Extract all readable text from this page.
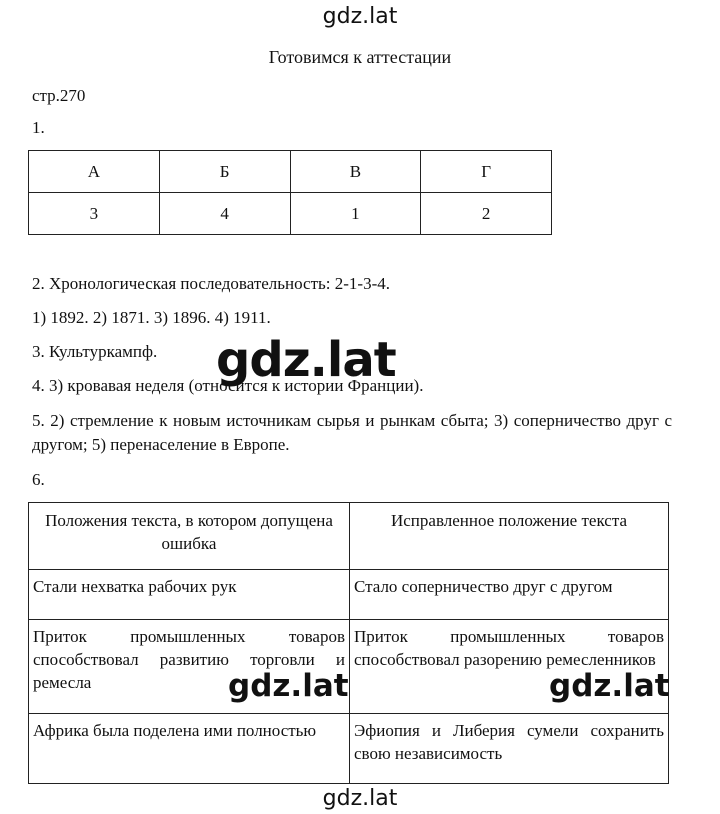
gdz.lat
Готовимся к аттестации
стр.270
1.
А	Б	В	Г
3	4	1	2
2. Хронологическая последовательность: 2-1-3-4.
1) 1892. 2) 1871. 3) 1896. 4) 1911.
3. Культуркампф.
4. 3) кровавая неделя (относится к истории Франции).
5. 2) стремление к новым источникам сырья и рынкам сбыта; 3) соперничество друг с другом; 5) перенаселение в Европе.
6.
Положения текста, в котором допущена ошибка	Исправленное положение текста
Стали нехватка рабочих рук	Стало соперничество друг с другом
Приток промышленных товаров способствовал развитию торговли и ремесла	Приток промышленных товаров способствовал разорению ремесленников
Африка была поделена ими полностью	Эфиопия и Либерия сумели сохранить свою независимость
gdz.lat
gdz.lat	gdz.lat
gdz.lat
